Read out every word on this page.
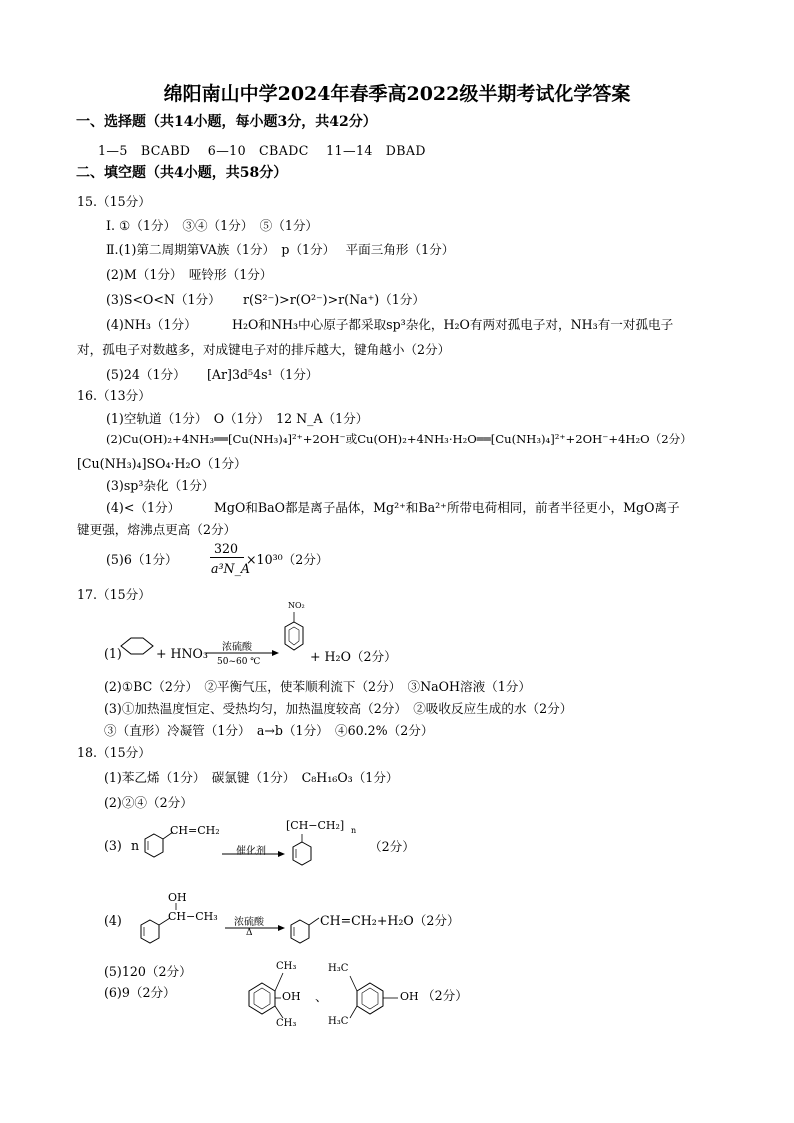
绵阳南山中学2024年春季高2022级半期考试化学答案
一、选择题（共14小题，每小题3分，共42分）
1—5　BCABD　 6—10　CBADC　 11—14　DBAD
二、填空题（共4小题，共58分）
15.（15分）
Ⅰ. ①（1分）　③④（1分）　⑤（1分）
Ⅱ.(1)第二周期第VA族（1分）　p（1分）　 平面三角形（1分）
(2)M（1分）　哑铃形（1分）
(3)S<O<N（1分） r(S²⁻)>r(O²⁻)>r(Na⁺)（1分）
(4)NH₃（1分）	H₂O和NH₃中心原子都采取sp³杂化，H₂O有两对孤电子对，NH₃有一对孤电子
对，孤电子对数越多，对成键电子对的排斥越大，键角越小（2分）
(5)24（1分） [Ar]3d⁵4s¹（1分）
16.（13分）
(1)空轨道（1分）　O（1分）　12 N_A（1分）
(2)Cu(OH)₂+4NH₃══[Cu(NH₃)₄]²⁺+2OH⁻或Cu(OH)₂+4NH₃·H₂O══[Cu(NH₃)₄]²⁺+2OH⁻+4H₂O（2分）
[Cu(NH₃)₄]SO₄·H₂O（1分）
(3)sp³杂化（1分）
(4)<（1分）	MgO和BaO都是离子晶体，Mg²⁺和Ba²⁺所带电荷相同，前者半径更小，MgO离子
键更强，熔沸点更高（2分）
(5)6（1分）
320
a³N_A
×10³⁰（2分）
17.（15分）
(1)	+ HNO₃ 浓硫酸
50~60 ℃
NO₂
+ H₂O（2分）
(2)①BC（2分）　②平衡气压，使苯顺利流下（2分）　③NaOH溶液（1分）
(3)①加热温度恒定、受热均匀，加热温度较高（2分）　②吸收反应生成的水（2分）
③（直形）冷凝管（1分）　a→b（1分）　④60.2%（2分）
18.（15分）
(1)苯乙烯（1分）　碳氯键（1分）　C₈H₁₆O₃（1分）
(2)②④（2分）
(3) n
CH=CH₂
催化剂
[CH−CH₂] n
（2分）
(4)
OH
CH−CH₃ 浓硫酸
Δ
CH=CH₂+H₂O（2分）
(5)120（2分）
(6)9（2分）
CH₃
OH
CH₃
、
H₃C
OH
H₃C
（2分）
